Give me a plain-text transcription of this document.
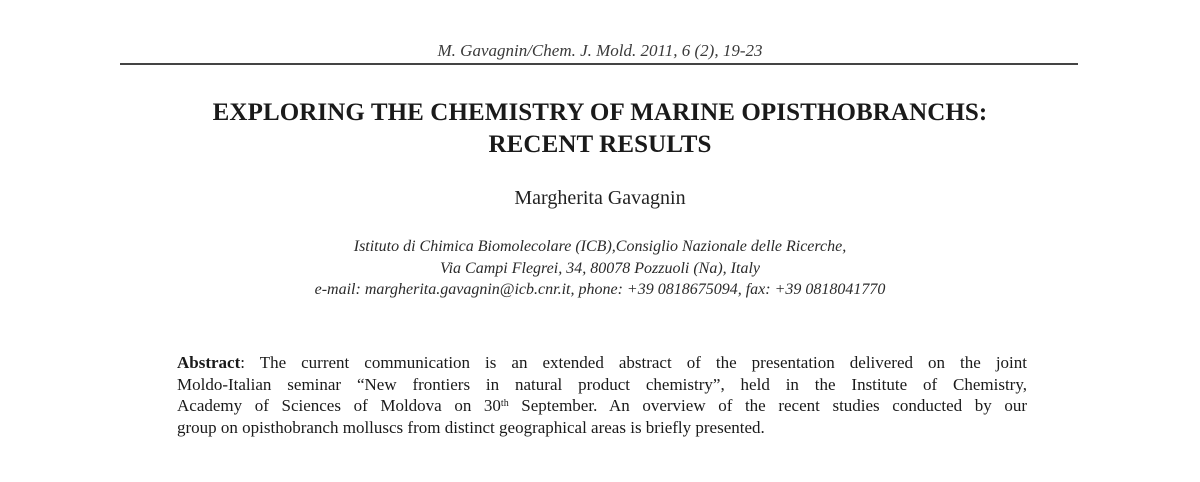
M. Gavagnin/Chem. J. Mold. 2011, 6 (2), 19-23
EXPLORING THE CHEMISTRY OF MARINE OPISTHOBRANCHS:
RECENT RESULTS
Margherita Gavagnin
Istituto di Chimica Biomolecolare (ICB),Consiglio Nazionale delle Ricerche,
Via Campi Flegrei, 34, 80078 Pozzuoli (Na), Italy
e-mail: margherita.gavagnin@icb.cnr.it, phone: +39 0818675094, fax: +39 0818041770
Abstract: The current communication is an extended abstract of the presentation delivered on the joint
Moldo-Italian seminar “New frontiers in natural product chemistry”, held in the Institute of Chemistry,
Academy of Sciences of Moldova on 30th September. An overview of the recent studies conducted by our
group on opisthobranch molluscs from distinct geographical areas is briefly presented.
